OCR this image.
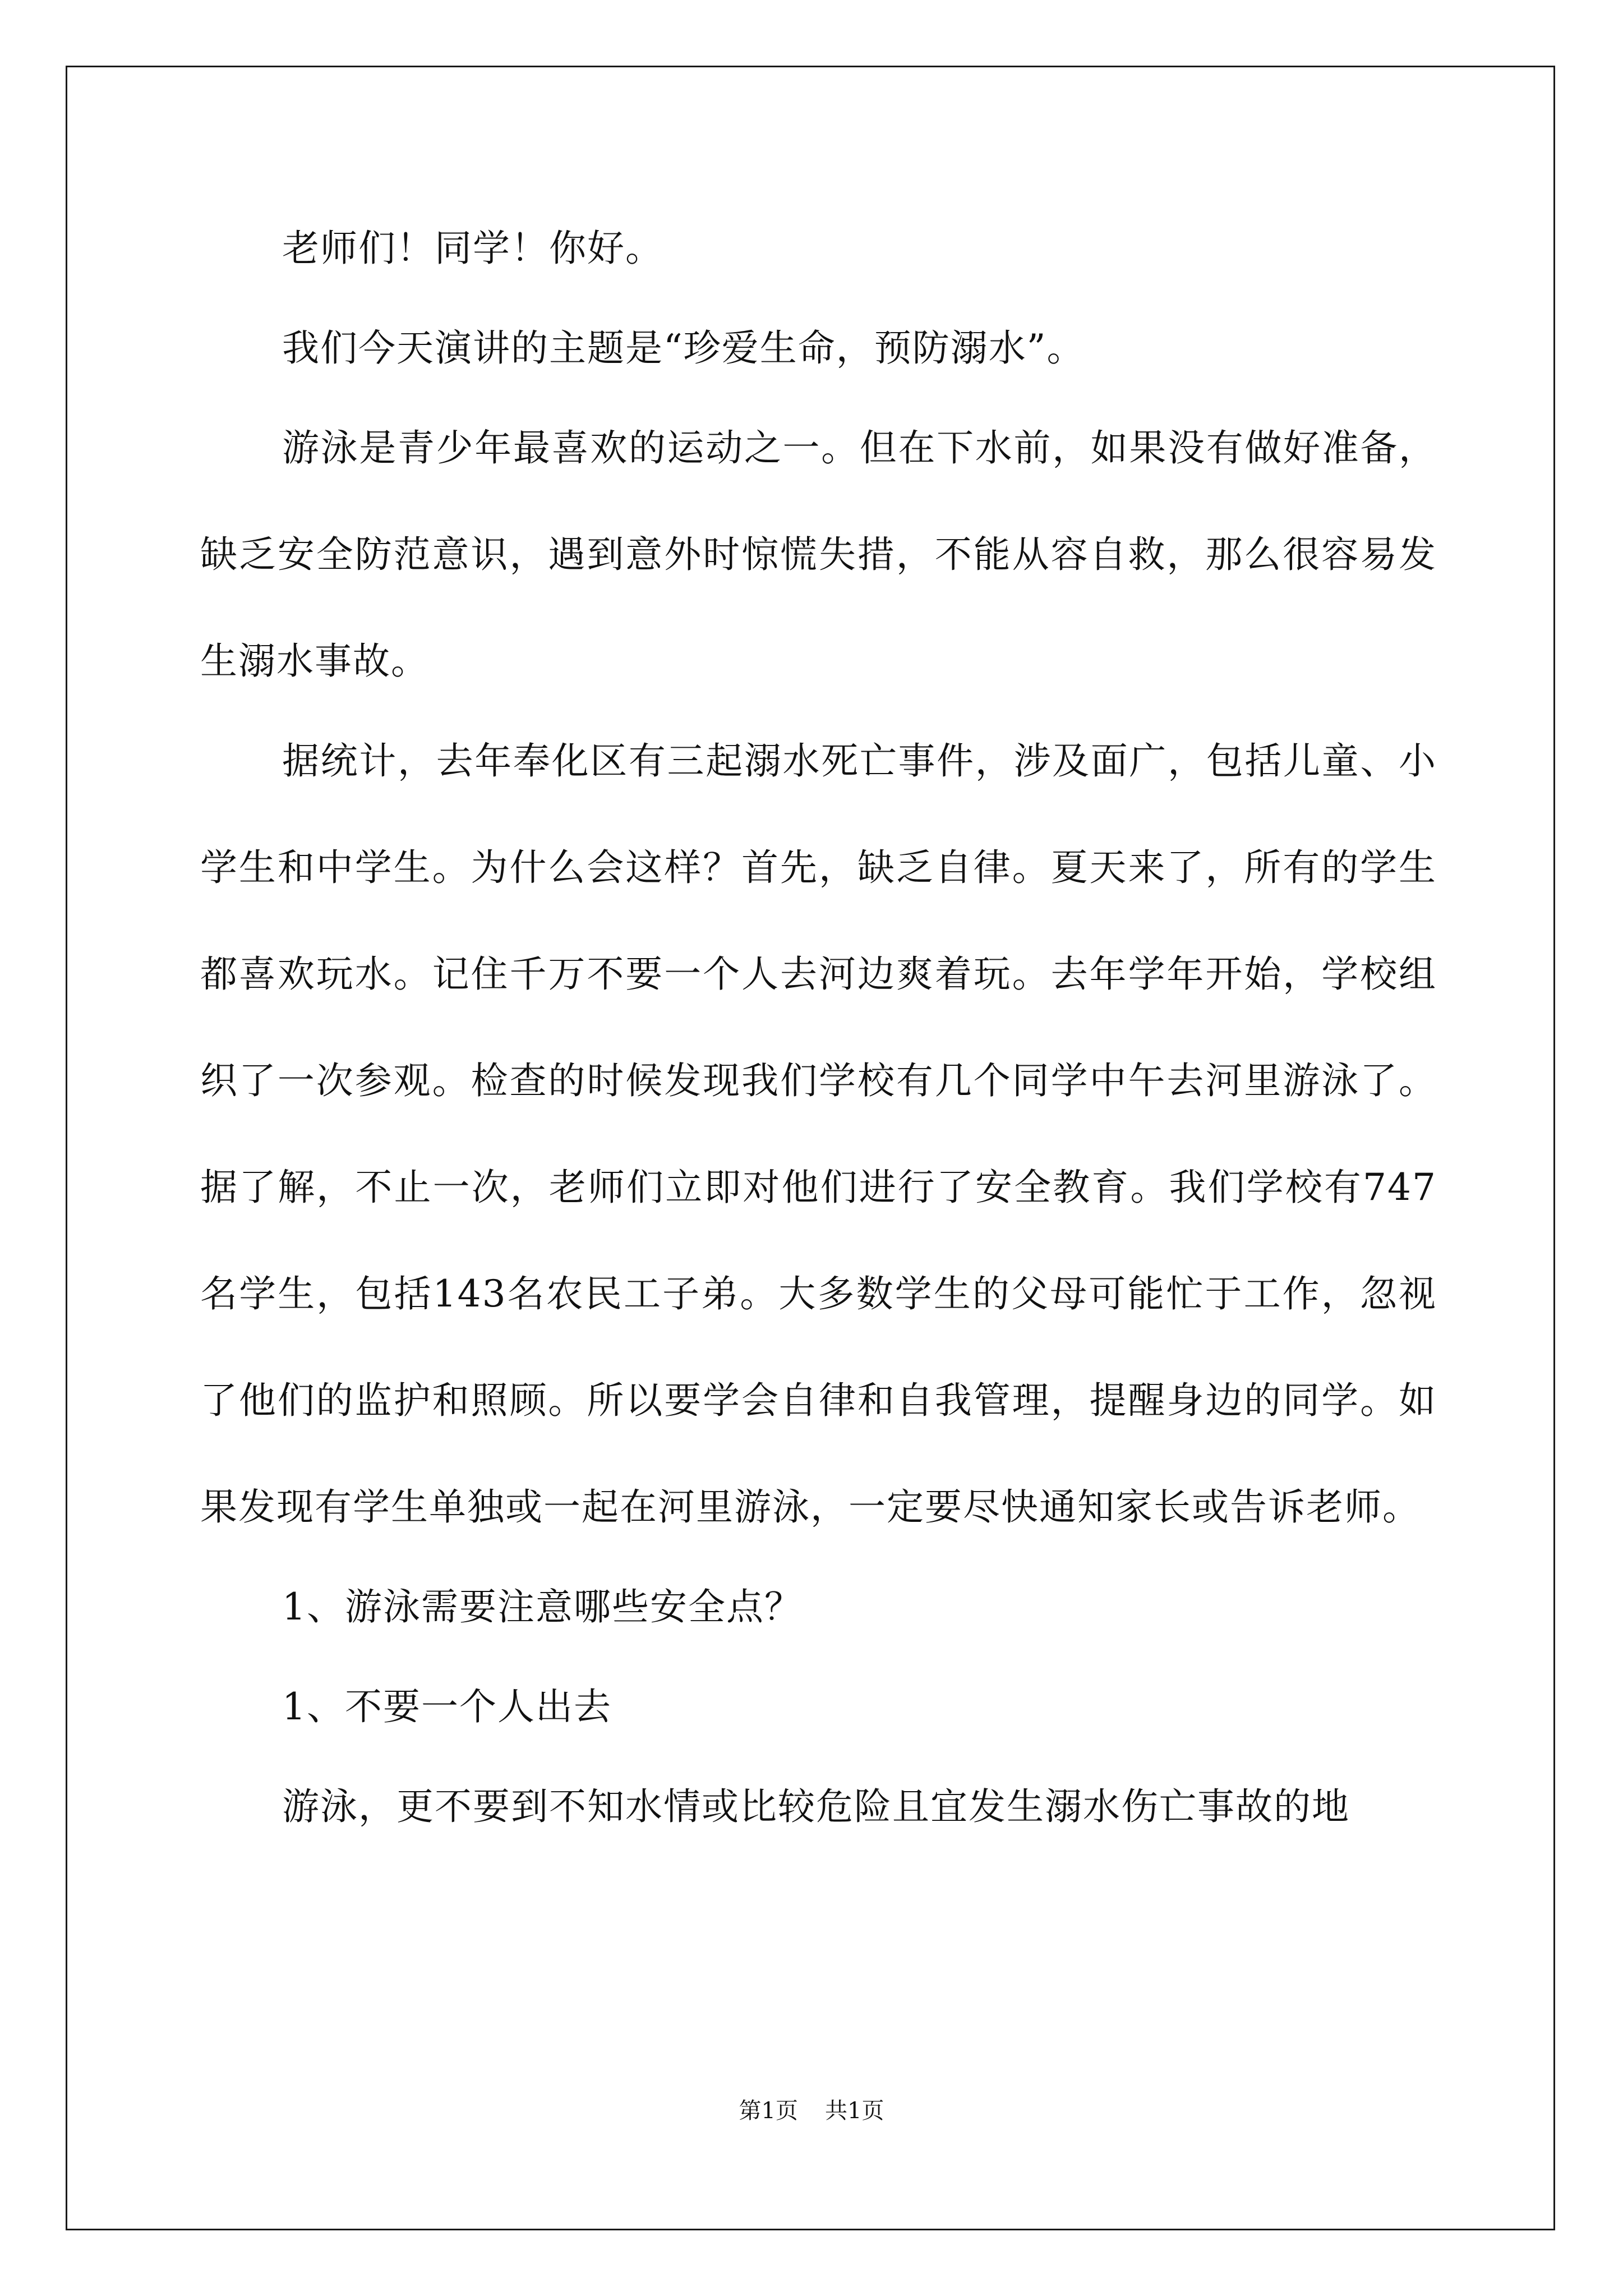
老师们！同学！你好。

我们今天演讲的主题是“珍爱生命，预防溺水”。

游泳是青少年最喜欢的运动之一。但在下水前，如果没有做好准备，缺乏安全防范意识，遇到意外时惊慌失措，不能从容自救，那么很容易发生溺水事故。

据统计，去年奉化区有三起溺水死亡事件，涉及面广，包括儿童、小学生和中学生。为什么会这样？首先，缺乏自律。夏天来了，所有的学生都喜欢玩水。记住千万不要一个人去河边爽着玩。去年学年开始，学校组织了一次参观。检查的时候发现我们学校有几个同学中午去河里游泳了。据了解，不止一次，老师们立即对他们进行了安全教育。我们学校有747名学生，包括143名农民工子弟。大多数学生的父母可能忙于工作，忽视了他们的监护和照顾。所以要学会自律和自我管理，提醒身边的同学。如果发现有学生单独或一起在河里游泳，一定要尽快通知家长或告诉老师。

1、游泳需要注意哪些安全点？

1、不要一个人出去

游泳，更不要到不知水情或比较危险且宜发生溺水伤亡事故的地

第1页 共1页
